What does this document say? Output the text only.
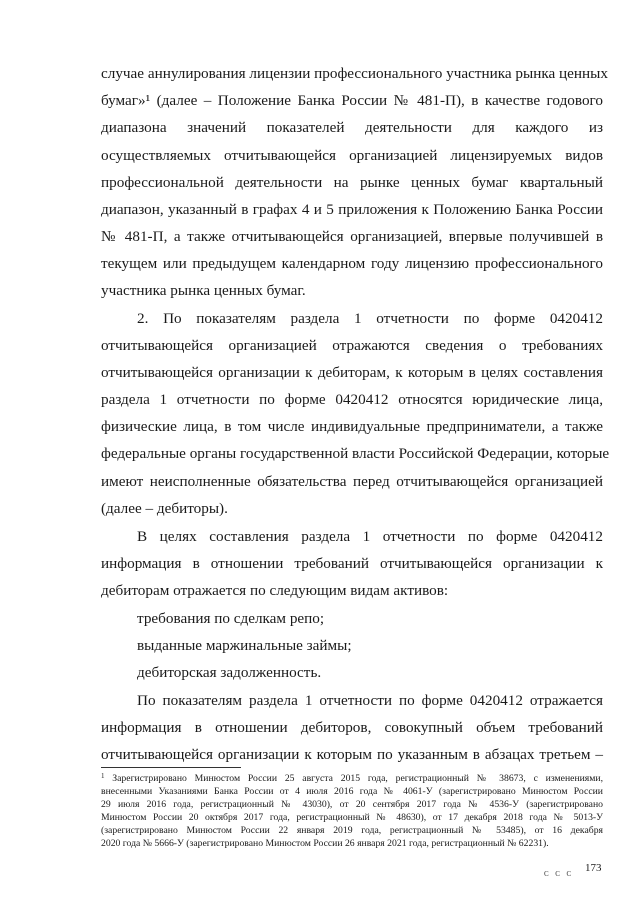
случае аннулирования лицензии профессионального участника рынка ценных
бумаг»¹ (далее – Положение Банка России № 481-П), в качестве годового
диапазона значений показателей деятельности для каждого из
осуществляемых отчитывающейся организацией лицензируемых видов
профессиональной деятельности на рынке ценных бумаг квартальный
диапазон, указанный в графах 4 и 5 приложения к Положению Банка России
№ 481-П, а также отчитывающейся организацией, впервые получившей в
текущем или предыдущем календарном году лицензию профессионального
участника рынка ценных бумаг.
2. По показателям раздела 1 отчетности по форме 0420412
отчитывающейся организацией отражаются сведения о требованиях
отчитывающейся организации к дебиторам, к которым в целях составления
раздела 1 отчетности по форме 0420412 относятся юридические лица,
физические лица, в том числе индивидуальные предприниматели, а также
федеральные органы государственной власти Российской Федерации, которые
имеют неисполненные обязательства перед отчитывающейся организацией
(далее – дебиторы).
В целях составления раздела 1 отчетности по форме 0420412
информация в отношении требований отчитывающейся организации к
дебиторам отражается по следующим видам активов:
требования по сделкам репо;
выданные маржинальные займы;
дебиторская задолженность.
По показателям раздела 1 отчетности по форме 0420412 отражается
информация в отношении дебиторов, совокупный объем требований
отчитывающейся организации к которым по указанным в абзацах третьем –
$^1$ Зарегистрировано Минюстом России 25 августа 2015 года, регистрационный № 38673, с изменениями,
внесенными Указаниями Банка России от 4 июля 2016 года № 4061-У (зарегистрировано Минюстом России
29 июля 2016 года, регистрационный № 43030), от 20 сентября 2017 года № 4536-У (зарегистрировано
Минюстом России 20 октября 2017 года, регистрационный № 48630), от 17 декабря 2018 года № 5013-У
(зарегистрировано Минюстом России 22 января 2019 года, регистрационный № 53485), от 16 декабря
2020 года № 5666-У (зарегистрировано Минюстом России 26 января 2021 года, регистрационный № 62231).
173
ᴄ ᴄ ᴄ
